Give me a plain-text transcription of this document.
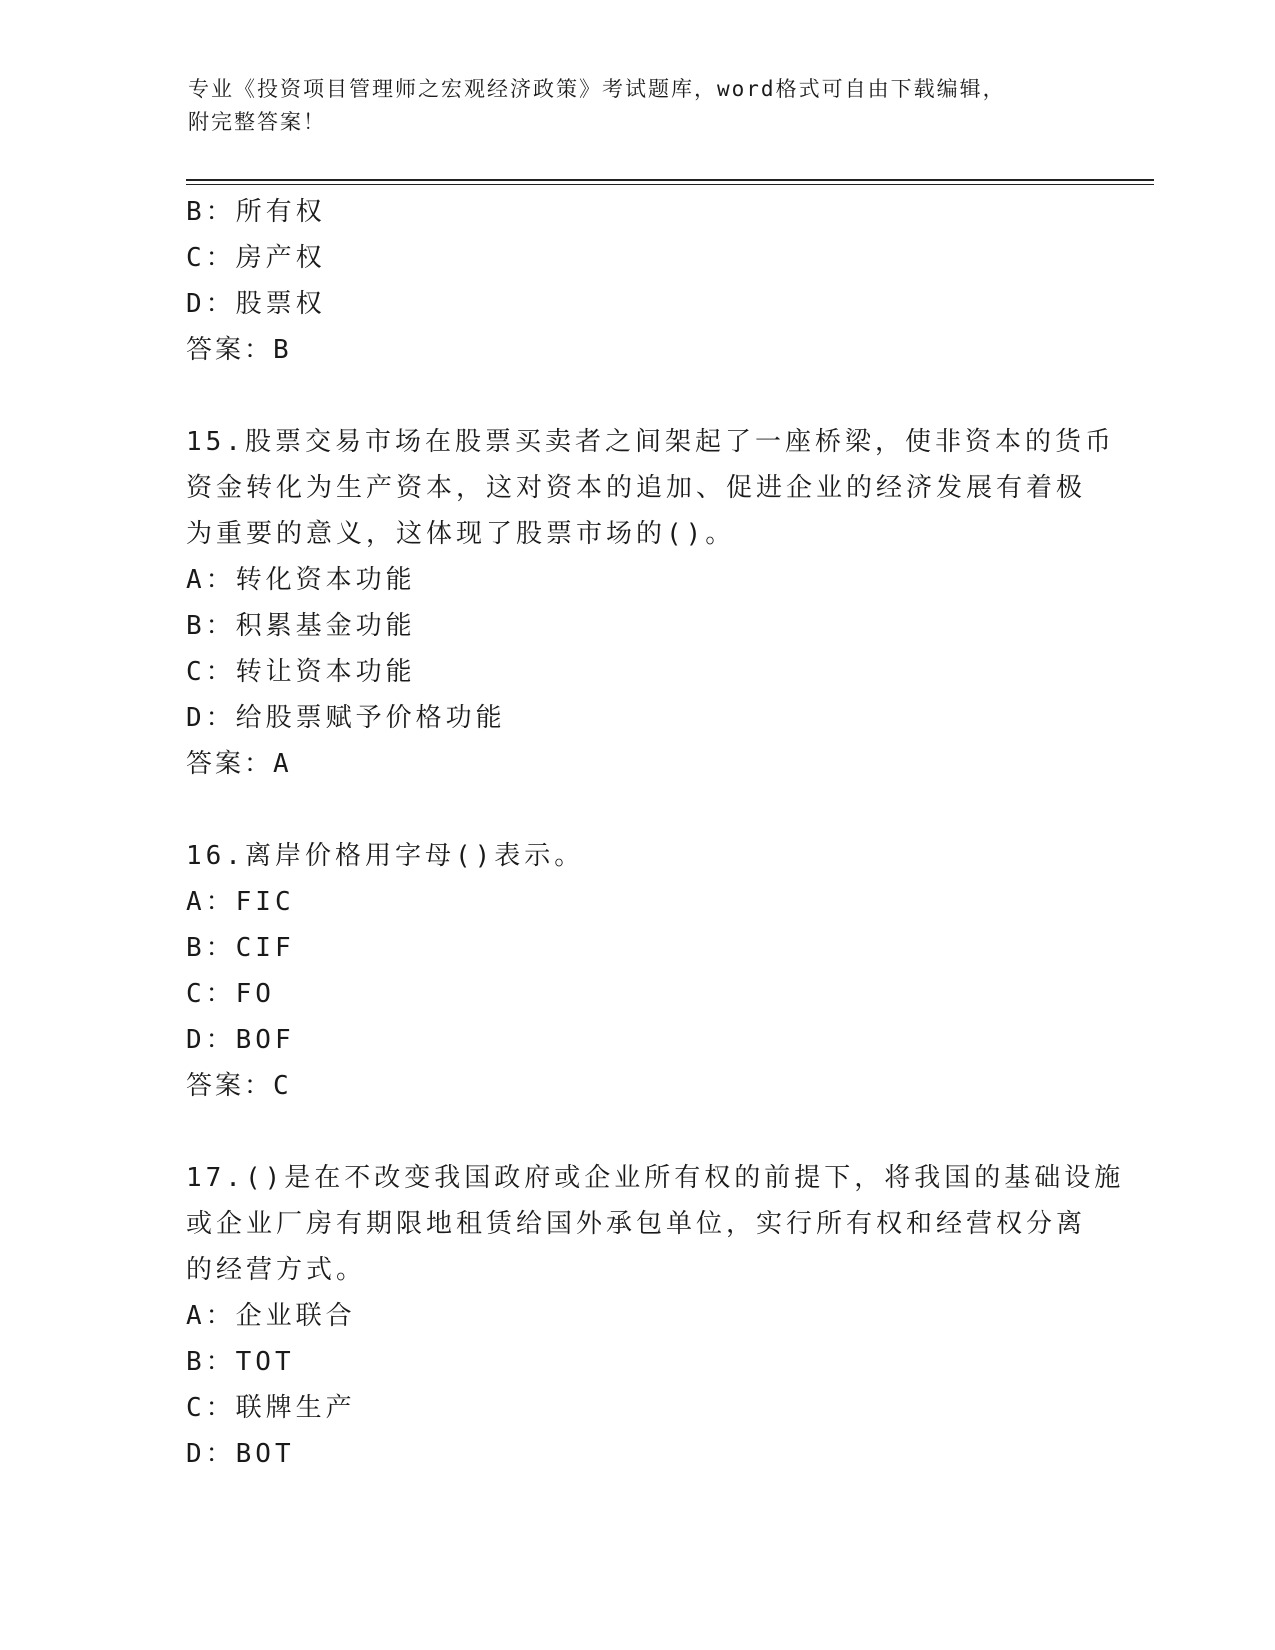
专业《投资项目管理师之宏观经济政策》考试题库，word格式可自由下载编辑，
附完整答案！
B：所有权
C：房产权
D：股票权
答案：B
15.股票交易市场在股票买卖者之间架起了一座桥梁，使非资本的货币
资金转化为生产资本，这对资本的追加、促进企业的经济发展有着极
为重要的意义，这体现了股票市场的()。
A：转化资本功能
B：积累基金功能
C：转让资本功能
D：给股票赋予价格功能
答案：A
16.离岸价格用字母()表示。
A：FIC
B：CIF
C：FO
D：BOF
答案：C
17.()是在不改变我国政府或企业所有权的前提下，将我国的基础设施
或企业厂房有期限地租赁给国外承包单位，实行所有权和经营权分离
的经营方式。
A：企业联合
B：TOT
C：联牌生产
D：BOT
